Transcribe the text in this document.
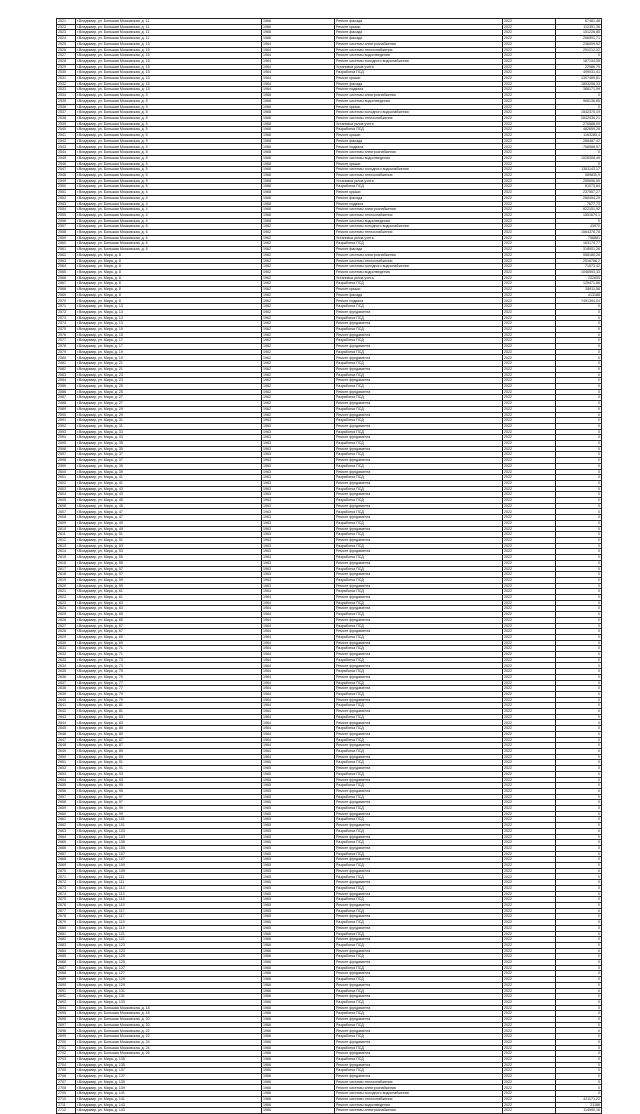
2521	г.Владимир, ул. Большая Московская, д. 11	1966	Ремонт фасада	2022	67481,48
2522	г.Владимир, ул. Большая Московская, д. 11	1966	Ремонт крыши	2022	112351,36
2523	г.Владимир, ул. Большая Московская, д. 11	1966	Ремонт фасада	2022	151226,85
2524	г.Владимир, ул. Большая Московская, д. 11	1966	Ремонт фасада	2022	266991,71
2525	г.Владимир, ул. Большая Московская, д. 15	1964	Ремонт системы электроснабжения	2022	236059,92
2526	г.Владимир, ул. Большая Московская, д. 15	1964	Ремонт системы теплоснабжения	2022	291212,02
2527	г.Владимир, ул. Большая Московская, д. 15	1964	Ремонт системы водоотведения	2022	0
2528	г.Владимир, ул. Большая Московская, д. 15	1964	Ремонт системы холодного водоснабжения	2022	167134,55
2529	г.Владимир, ул. Большая Московская, д. 15	1964	Установка узлов учета	2022	22986,79
2530	г.Владимир, ул. Большая Московская, д. 15	1964	Разработка ПСД	2022	499031,41
2531	г.Владимир, ул. Большая Московская, д. 15	1964	Ремонт крыши	2022	1307489,81
2532	г.Владимир, ул. Большая Московская, д. 15	1964	Ремонт фасада	2022	1853258,33
2533	г.Владимир, ул. Большая Московская, д. 15	1964	Ремонт подвала	2022	388171,99
2534	г.Владимир, ул. Большая Московская, д. 5	1968	Ремонт системы электроснабжения	2022	0
2535	г.Владимир, ул. Большая Московская, д. 5	1968	Ремонт системы водоотведения	2022	968136,85
2536	г.Владимир, ул. Большая Московская, д. 5	1968	Ремонт крыши	2022	0
2537	г.Владимир, ул. Большая Московская, д. 5	1968	Ремонт системы холодного водоснабжения	2022	1542370,19
2538	г.Владимир, ул. Большая Московская, д. 5	1968	Ремонт системы теплоснабжения	2022	2842036,21
2539	г.Владимир, ул. Большая Московская, д. 5	1968	Установка узлов учета	2022	276588,09
2540	г.Владимир, ул. Большая Московская, д. 5	1968	Разработка ПСД	2022	482659,28
2541	г.Владимир, ул. Большая Московская, д. 5	1968	Ремонт крыши	2022	1163285,4
2542	г.Владимир, ул. Большая Московская, д. 5	1968	Ремонт фасада	2022	288487,42
2543	г.Владимир, ул. Большая Московская, д. 5	1968	Ремонт подвала	2022	768588,57
2544	г.Владимир, ул. Большая Московская, д. 5	1968	Ремонт системы электроснабжения	2022	0
2545	г.Владимир, ул. Большая Московская, д. 5	1968	Ремонт системы водоотведения	2022	1026308,49
2546	г.Владимир, ул. Большая Московская, д. 5	1968	Ремонт крыши	2022	0
2547	г.Владимир, ул. Большая Московская, д. 5	1968	Ремонт системы холодного водоснабжения	2022	1381143,17
2548	г.Владимир, ул. Большая Московская, д. 5	1968	Ремонт системы теплоснабжения	2022	589830,9
2549	г.Владимир, ул. Большая Московская, д. 5	1968	Установка узлов учета	2022	255696,59
2550	г.Владимир, ул. Большая Московская, д. 5	1968	Разработка ПСД	2022	81073,84
2551	г.Владимир, ул. Большая Московская, д. 4	1968	Ремонт крыши	2022	237557,27
2552	г.Владимир, ул. Большая Московская, д. 4	1968	Ремонт фасада	2022	268454,29
2553	г.Владимир, ул. Большая Московская, д. 4	1968	Ремонт подвала	2022	7677,73
2554	г.Владимир, ул. Большая Московская, д. 4	1968	Ремонт системы электроснабжения	2022	822151,92
2555	г.Владимир, ул. Большая Московская, д. 4	1968	Ремонт системы теплоснабжения	2022	1551674,1
2556	г.Владимир, ул. Большая Московская, д. 4	1968	Ремонт системы водоотведения	2022	0
2557	г.Владимир, ул. Большая Московская, д. 6	1962	Ремонт системы холодного водоснабжения	2022	43970
2558	г.Владимир, ул. Большая Московская, д. 6	1962	Ремонт системы теплоснабжения	2022	1564378,78
2559	г.Владимир, ул. Большая Московская, д. 6	1962	Установка узлов учета	2022	756881
2560	г.Владимир, ул. Большая Московская, д. 6	1962	Разработка ПСД	2022	163174,77
2561	г.Владимир, ул. Большая Московская, д. 6	1962	Ремонт фасада	2022	318001,26
2562	г.Владимир, ул. Мира, д. 8	1962	Ремонт системы электроснабжения	2022	558180,26
2563	г.Владимир, ул. Мира, д. 8	1962	Ремонт системы теплоснабжения	2022	2516786,2
2564	г.Владимир, ул. Мира, д. 8	1962	Ремонт системы холодного водоснабжения	2022	71573,42
2565	г.Владимир, ул. Мира, д. 8	1962	Ремонт системы водоотведения	2022	1046593,33
2566	г.Владимир, ул. Мира, д. 8	1962	Установка узлов учета	2022	232605
2567	г.Владимир, ул. Мира, д. 8	1962	Разработка ПСД	2022	125471,86
2568	г.Владимир, ул. Мира, д. 8	1962	Ремонт крыши	2022	28911,58
2569	г.Владимир, ул. Мира, д. 8	1962	Ремонт фасада	2022	413188
2570	г.Владимир, ул. Мира, д. 8	1962	Ремонт подвала	2022	7491394,04
2571	г.Владимир, ул. Мира, д. 13	1962	Разработка ПСД	2022	0
2572	г.Владимир, ул. Мира, д. 13	1962	Ремонт фундамента	2022	0
2573	г.Владимир, ул. Мира, д. 13	1962	Разработка ПСД	2022	0
2574	г.Владимир, ул. Мира, д. 13	1962	Ремонт фундамента	2022	0
2575	г.Владимир, ул. Мира, д. 15	1962	Разработка ПСД	2022	0
2576	г.Владимир, ул. Мира, д. 15	1962	Ремонт фундамента	2022	0
2577	г.Владимир, ул. Мира, д. 17	1962	Разработка ПСД	2022	0
2578	г.Владимир, ул. Мира, д. 17	1962	Ремонт фундамента	2022	0
2579	г.Владимир, ул. Мира, д. 19	1962	Разработка ПСД	2022	0
2580	г.Владимир, ул. Мира, д. 19	1962	Ремонт фундамента	2022	0
2581	г.Владимир, ул. Мира, д. 21	1962	Разработка ПСД	2022	0
2582	г.Владимир, ул. Мира, д. 21	1962	Ремонт фундамента	2022	0
2583	г.Владимир, ул. Мира, д. 23	1962	Разработка ПСД	2022	0
2584	г.Владимир, ул. Мира, д. 23	1962	Ремонт фундамента	2022	0
2585	г.Владимир, ул. Мира, д. 25	1962	Разработка ПСД	2022	0
2586	г.Владимир, ул. Мира, д. 25	1962	Ремонт фундамента	2022	0
2587	г.Владимир, ул. Мира, д. 27	1962	Разработка ПСД	2022	0
2588	г.Владимир, ул. Мира, д. 27	1962	Ремонт фундамента	2022	0
2589	г.Владимир, ул. Мира, д. 29	1962	Разработка ПСД	2022	0
2590	г.Владимир, ул. Мира, д. 29	1962	Ремонт фундамента	2022	0
2591	г.Владимир, ул. Мира, д. 31	1963	Разработка ПСД	2022	0
2592	г.Владимир, ул. Мира, д. 31	1963	Ремонт фундамента	2022	0
2593	г.Владимир, ул. Мира, д. 33	1963	Разработка ПСД	2022	0
2594	г.Владимир, ул. Мира, д. 33	1963	Ремонт фундамента	2022	0
2595	г.Владимир, ул. Мира, д. 35	1963	Разработка ПСД	2022	0
2596	г.Владимир, ул. Мира, д. 35	1963	Ремонт фундамента	2022	0
2597	г.Владимир, ул. Мира, д. 37	1963	Разработка ПСД	2022	0
2598	г.Владимир, ул. Мира, д. 37	1963	Ремонт фундамента	2022	0
2599	г.Владимир, ул. Мира, д. 39	1963	Разработка ПСД	2022	0
2600	г.Владимир, ул. Мира, д. 39	1963	Ремонт фундамента	2022	0
2601	г.Владимир, ул. Мира, д. 41	1963	Разработка ПСД	2022	0
2602	г.Владимир, ул. Мира, д. 41	1963	Ремонт фундамента	2022	0
2603	г.Владимир, ул. Мира, д. 43	1963	Разработка ПСД	2022	0
2604	г.Владимир, ул. Мира, д. 43	1963	Ремонт фундамента	2022	0
2605	г.Владимир, ул. Мира, д. 45	1963	Разработка ПСД	2022	0
2606	г.Владимир, ул. Мира, д. 45	1963	Ремонт фундамента	2022	0
2607	г.Владимир, ул. Мира, д. 47	1963	Разработка ПСД	2022	0
2608	г.Владимир, ул. Мира, д. 47	1963	Ремонт фундамента	2022	0
2609	г.Владимир, ул. Мира, д. 49	1963	Разработка ПСД	2022	0
2610	г.Владимир, ул. Мира, д. 49	1963	Ремонт фундамента	2022	0
2611	г.Владимир, ул. Мира, д. 51	1963	Разработка ПСД	2022	0
2612	г.Владимир, ул. Мира, д. 51	1963	Ремонт фундамента	2022	0
2613	г.Владимир, ул. Мира, д. 53	1963	Разработка ПСД	2022	0
2614	г.Владимир, ул. Мира, д. 53	1963	Ремонт фундамента	2022	0
2615	г.Владимир, ул. Мира, д. 55	1963	Разработка ПСД	2022	0
2616	г.Владимир, ул. Мира, д. 55	1963	Ремонт фундамента	2022	0
2617	г.Владимир, ул. Мира, д. 57	1963	Разработка ПСД	2022	0
2618	г.Владимир, ул. Мира, д. 57	1963	Ремонт фундамента	2022	0
2619	г.Владимир, ул. Мира, д. 59	1963	Разработка ПСД	2022	0
2620	г.Владимир, ул. Мира, д. 59	1963	Ремонт фундамента	2022	0
2621	г.Владимир, ул. Мира, д. 61	1964	Разработка ПСД	2022	0
2622	г.Владимир, ул. Мира, д. 61	1964	Ремонт фундамента	2022	0
2623	г.Владимир, ул. Мира, д. 63	1964	Разработка ПСД	2022	0
2624	г.Владимир, ул. Мира, д. 63	1964	Ремонт фундамента	2022	0
2625	г.Владимир, ул. Мира, д. 65	1964	Разработка ПСД	2022	0
2626	г.Владимир, ул. Мира, д. 65	1964	Ремонт фундамента	2022	0
2627	г.Владимир, ул. Мира, д. 67	1964	Разработка ПСД	2022	0
2628	г.Владимир, ул. Мира, д. 67	1964	Ремонт фундамента	2022	0
2629	г.Владимир, ул. Мира, д. 69	1964	Разработка ПСД	2022	0
2630	г.Владимир, ул. Мира, д. 69	1964	Ремонт фундамента	2022	0
2631	г.Владимир, ул. Мира, д. 71	1964	Разработка ПСД	2022	0
2632	г.Владимир, ул. Мира, д. 71	1964	Ремонт фундамента	2022	0
2633	г.Владимир, ул. Мира, д. 73	1964	Разработка ПСД	2022	0
2634	г.Владимир, ул. Мира, д. 73	1964	Ремонт фундамента	2022	0
2635	г.Владимир, ул. Мира, д. 75	1964	Разработка ПСД	2022	0
2636	г.Владимир, ул. Мира, д. 75	1964	Ремонт фундамента	2022	0
2637	г.Владимир, ул. Мира, д. 77	1964	Разработка ПСД	2022	0
2638	г.Владимир, ул. Мира, д. 77	1964	Ремонт фундамента	2022	0
2639	г.Владимир, ул. Мира, д. 79	1964	Разработка ПСД	2022	0
2640	г.Владимир, ул. Мира, д. 79	1964	Ремонт фундамента	2022	0
2641	г.Владимир, ул. Мира, д. 81	1964	Разработка ПСД	2022	0
2642	г.Владимир, ул. Мира, д. 81	1964	Ремонт фундамента	2022	0
2643	г.Владимир, ул. Мира, д. 83	1964	Разработка ПСД	2022	0
2644	г.Владимир, ул. Мира, д. 83	1964	Ремонт фундамента	2022	0
2645	г.Владимир, ул. Мира, д. 85	1964	Разработка ПСД	2022	0
2646	г.Владимир, ул. Мира, д. 85	1964	Ремонт фундамента	2022	0
2647	г.Владимир, ул. Мира, д. 87	1964	Разработка ПСД	2022	0
2648	г.Владимир, ул. Мира, д. 87	1964	Ремонт фундамента	2022	0
2649	г.Владимир, ул. Мира, д. 89	1964	Разработка ПСД	2022	0
2650	г.Владимир, ул. Мира, д. 89	1964	Ремонт фундамента	2022	0
2651	г.Владимир, ул. Мира, д. 91	1965	Разработка ПСД	2022	0
2652	г.Владимир, ул. Мира, д. 91	1965	Ремонт фундамента	2022	0
2653	г.Владимир, ул. Мира, д. 93	1965	Разработка ПСД	2022	0
2654	г.Владимир, ул. Мира, д. 93	1965	Ремонт фундамента	2022	0
2655	г.Владимир, ул. Мира, д. 95	1965	Разработка ПСД	2022	0
2656	г.Владимир, ул. Мира, д. 95	1965	Ремонт фундамента	2022	0
2657	г.Владимир, ул. Мира, д. 97	1965	Разработка ПСД	2022	0
2658	г.Владимир, ул. Мира, д. 97	1965	Ремонт фундамента	2022	0
2659	г.Владимир, ул. Мира, д. 99	1965	Разработка ПСД	2022	0
2660	г.Владимир, ул. Мира, д. 99	1965	Ремонт фундамента	2022	0
2661	г.Владимир, ул. Мира, д. 101	1965	Разработка ПСД	2022	0
2662	г.Владимир, ул. Мира, д. 101	1965	Ремонт фундамента	2022	0
2663	г.Владимир, ул. Мира, д. 103	1965	Разработка ПСД	2022	0
2664	г.Владимир, ул. Мира, д. 103	1965	Ремонт фундамента	2022	0
2665	г.Владимир, ул. Мира, д. 105	1965	Разработка ПСД	2022	0
2666	г.Владимир, ул. Мира, д. 105	1965	Ремонт фундамента	2022	0
2667	г.Владимир, ул. Мира, д. 107	1965	Разработка ПСД	2022	0
2668	г.Владимир, ул. Мира, д. 107	1965	Ремонт фундамента	2022	0
2669	г.Владимир, ул. Мира, д. 109	1965	Разработка ПСД	2022	0
2670	г.Владимир, ул. Мира, д. 109	1965	Ремонт фундамента	2022	0
2671	г.Владимир, ул. Мира, д. 111	1965	Разработка ПСД	2022	0
2672	г.Владимир, ул. Мира, д. 111	1965	Ремонт фундамента	2022	0
2673	г.Владимир, ул. Мира, д. 113	1965	Разработка ПСД	2022	0
2674	г.Владимир, ул. Мира, д. 113	1965	Ремонт фундамента	2022	0
2675	г.Владимир, ул. Мира, д. 115	1965	Разработка ПСД	2022	0
2676	г.Владимир, ул. Мира, д. 115	1965	Ремонт фундамента	2022	0
2677	г.Владимир, ул. Мира, д. 117	1965	Разработка ПСД	2022	0
2678	г.Владимир, ул. Мира, д. 117	1965	Ремонт фундамента	2022	0
2679	г.Владимир, ул. Мира, д. 119	1965	Разработка ПСД	2022	0
2680	г.Владимир, ул. Мира, д. 119	1965	Ремонт фундамента	2022	0
2681	г.Владимир, ул. Мира, д. 121	1966	Разработка ПСД	2022	0
2682	г.Владимир, ул. Мира, д. 121	1966	Ремонт фундамента	2022	0
2683	г.Владимир, ул. Мира, д. 123	1966	Разработка ПСД	2022	0
2684	г.Владимир, ул. Мира, д. 123	1966	Ремонт фундамента	2022	0
2685	г.Владимир, ул. Мира, д. 125	1966	Разработка ПСД	2022	0
2686	г.Владимир, ул. Мира, д. 125	1966	Ремонт фундамента	2022	0
2687	г.Владимир, ул. Мира, д. 127	1966	Разработка ПСД	2022	0
2688	г.Владимир, ул. Мира, д. 127	1966	Ремонт фундамента	2022	0
2689	г.Владимир, ул. Мира, д. 129	1966	Разработка ПСД	2022	0
2690	г.Владимир, ул. Мира, д. 129	1966	Ремонт фундамента	2022	0
2691	г.Владимир, ул. Мира, д. 131	1966	Разработка ПСД	2022	0
2692	г.Владимир, ул. Мира, д. 131	1966	Ремонт фундамента	2022	0
2693	г.Владимир, ул. Мира, д. 133	1966	Разработка ПСД	2022	0
2694	г.Владимир, ул. Большая Московская, д. 18	1966	Ремонт фундамента	2022	0
2695	г.Владимир, ул. Большая Московская, д. 18	1966	Разработка ПСД	2022	0
2696	г.Владимир, ул. Большая Московская, д. 20	1966	Ремонт фундамента	2022	0
2697	г.Владимир, ул. Большая Московская, д. 20	1966	Разработка ПСД	2022	0
2698	г.Владимир, ул. Большая Московская, д. 22	1966	Ремонт фундамента	2022	0
2699	г.Владимир, ул. Большая Московская, д. 22	1966	Разработка ПСД	2022	0
2700	г.Владимир, ул. Большая Московская, д. 24	1966	Ремонт фундамента	2022	0
2701	г.Владимир, ул. Большая Московская, д. 24	1966	Разработка ПСД	2022	0
2702	г.Владимир, ул. Большая Московская, д. 26	1966	Ремонт фундамента	2022	0
2703	г.Владимир, ул. Мира, д. 135	1966	Разработка ПСД	2022	0
2704	г.Владимир, ул. Мира, д. 135	1966	Ремонт фундамента	2022	0
2705	г.Владимир, ул. Мира, д. 137	1966	Разработка ПСД	2022	0
2706	г.Владимир, ул. Мира, д. 137	1966	Ремонт фундамента	2022	0
2707	г.Владимир, ул. Мира, д. 139	1966	Ремонт системы теплоснабжения	2022	0
2708	г.Владимир, ул. Мира, д. 139	1966	Ремонт системы электроснабжения	2022	0
2709	г.Владимир, ул. Мира, д. 141	1966	Ремонт системы холодного водоснабжения	2022	0
2710	г.Владимир, ул. Мира, д. 141	1966	Ремонт системы теплоснабжения	2022	421171,22
2711	г.Владимир, ул. Мира, д. 143	1966	Ремонт системы водоотведения	2022	21186
2712	г.Владимир, ул. Мира, д. 143	1966	Ремонт системы электроснабжения	2022	114590,16
